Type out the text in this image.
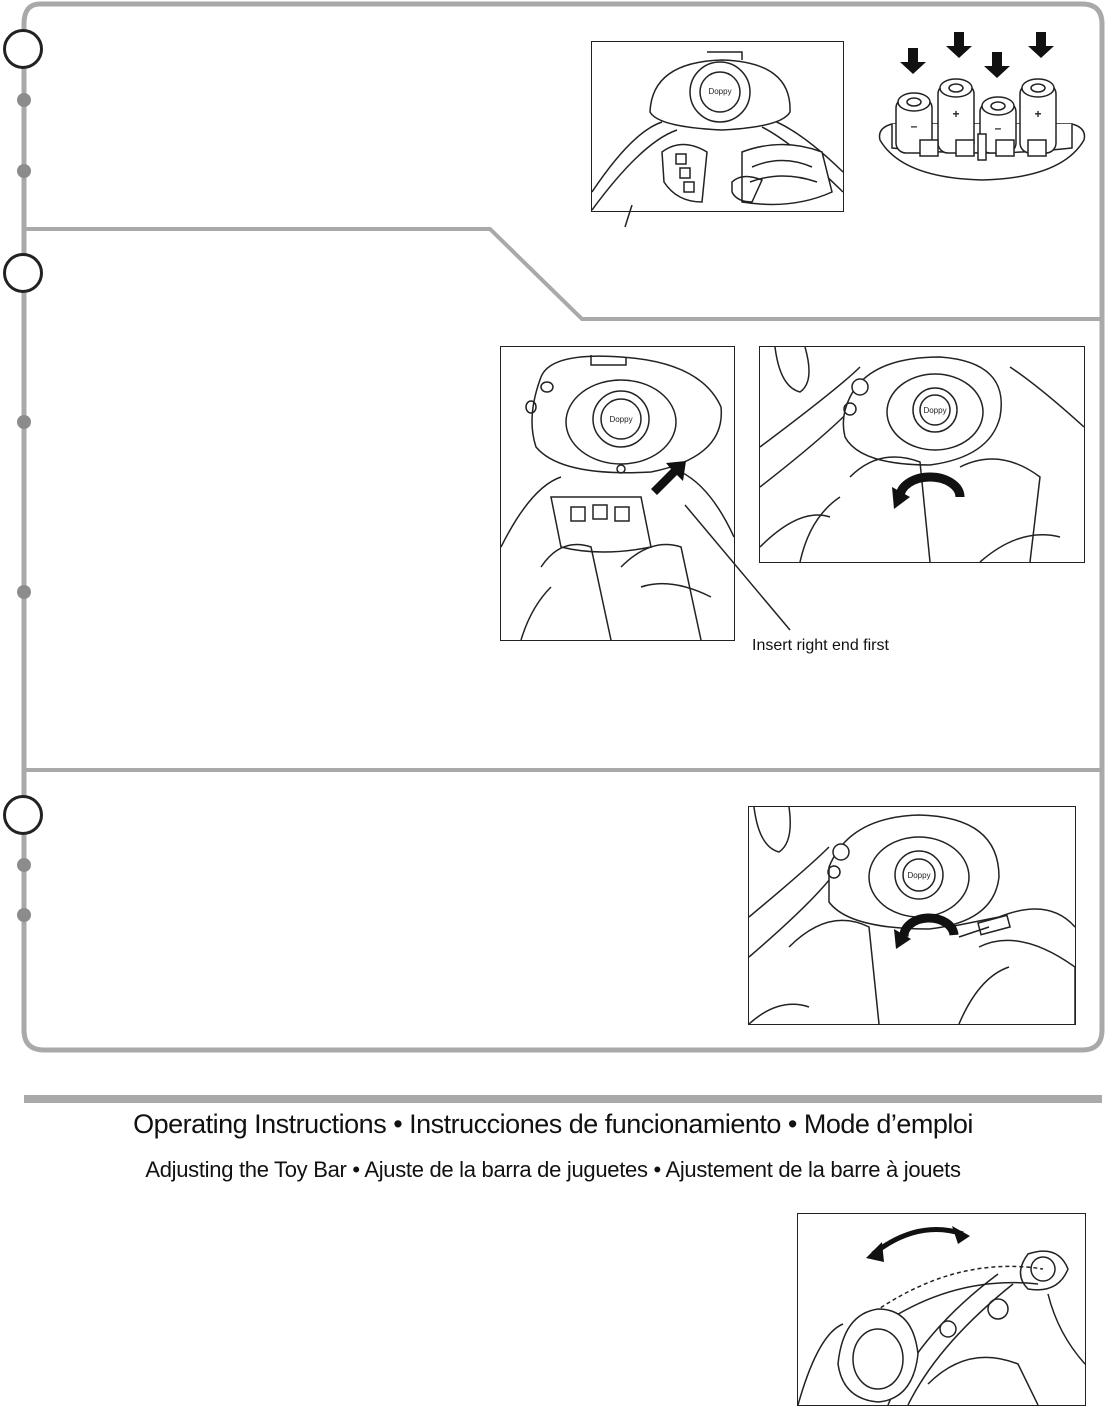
Doppy
–
+
–
+
Doppy
Insert right end first
Doppy
Doppy
Operating Instructions • Instrucciones de funcionamiento • Mode d’emploi
Adjusting the Toy Bar • Ajuste de la barra de juguetes • Ajustement de la barre à jouets
